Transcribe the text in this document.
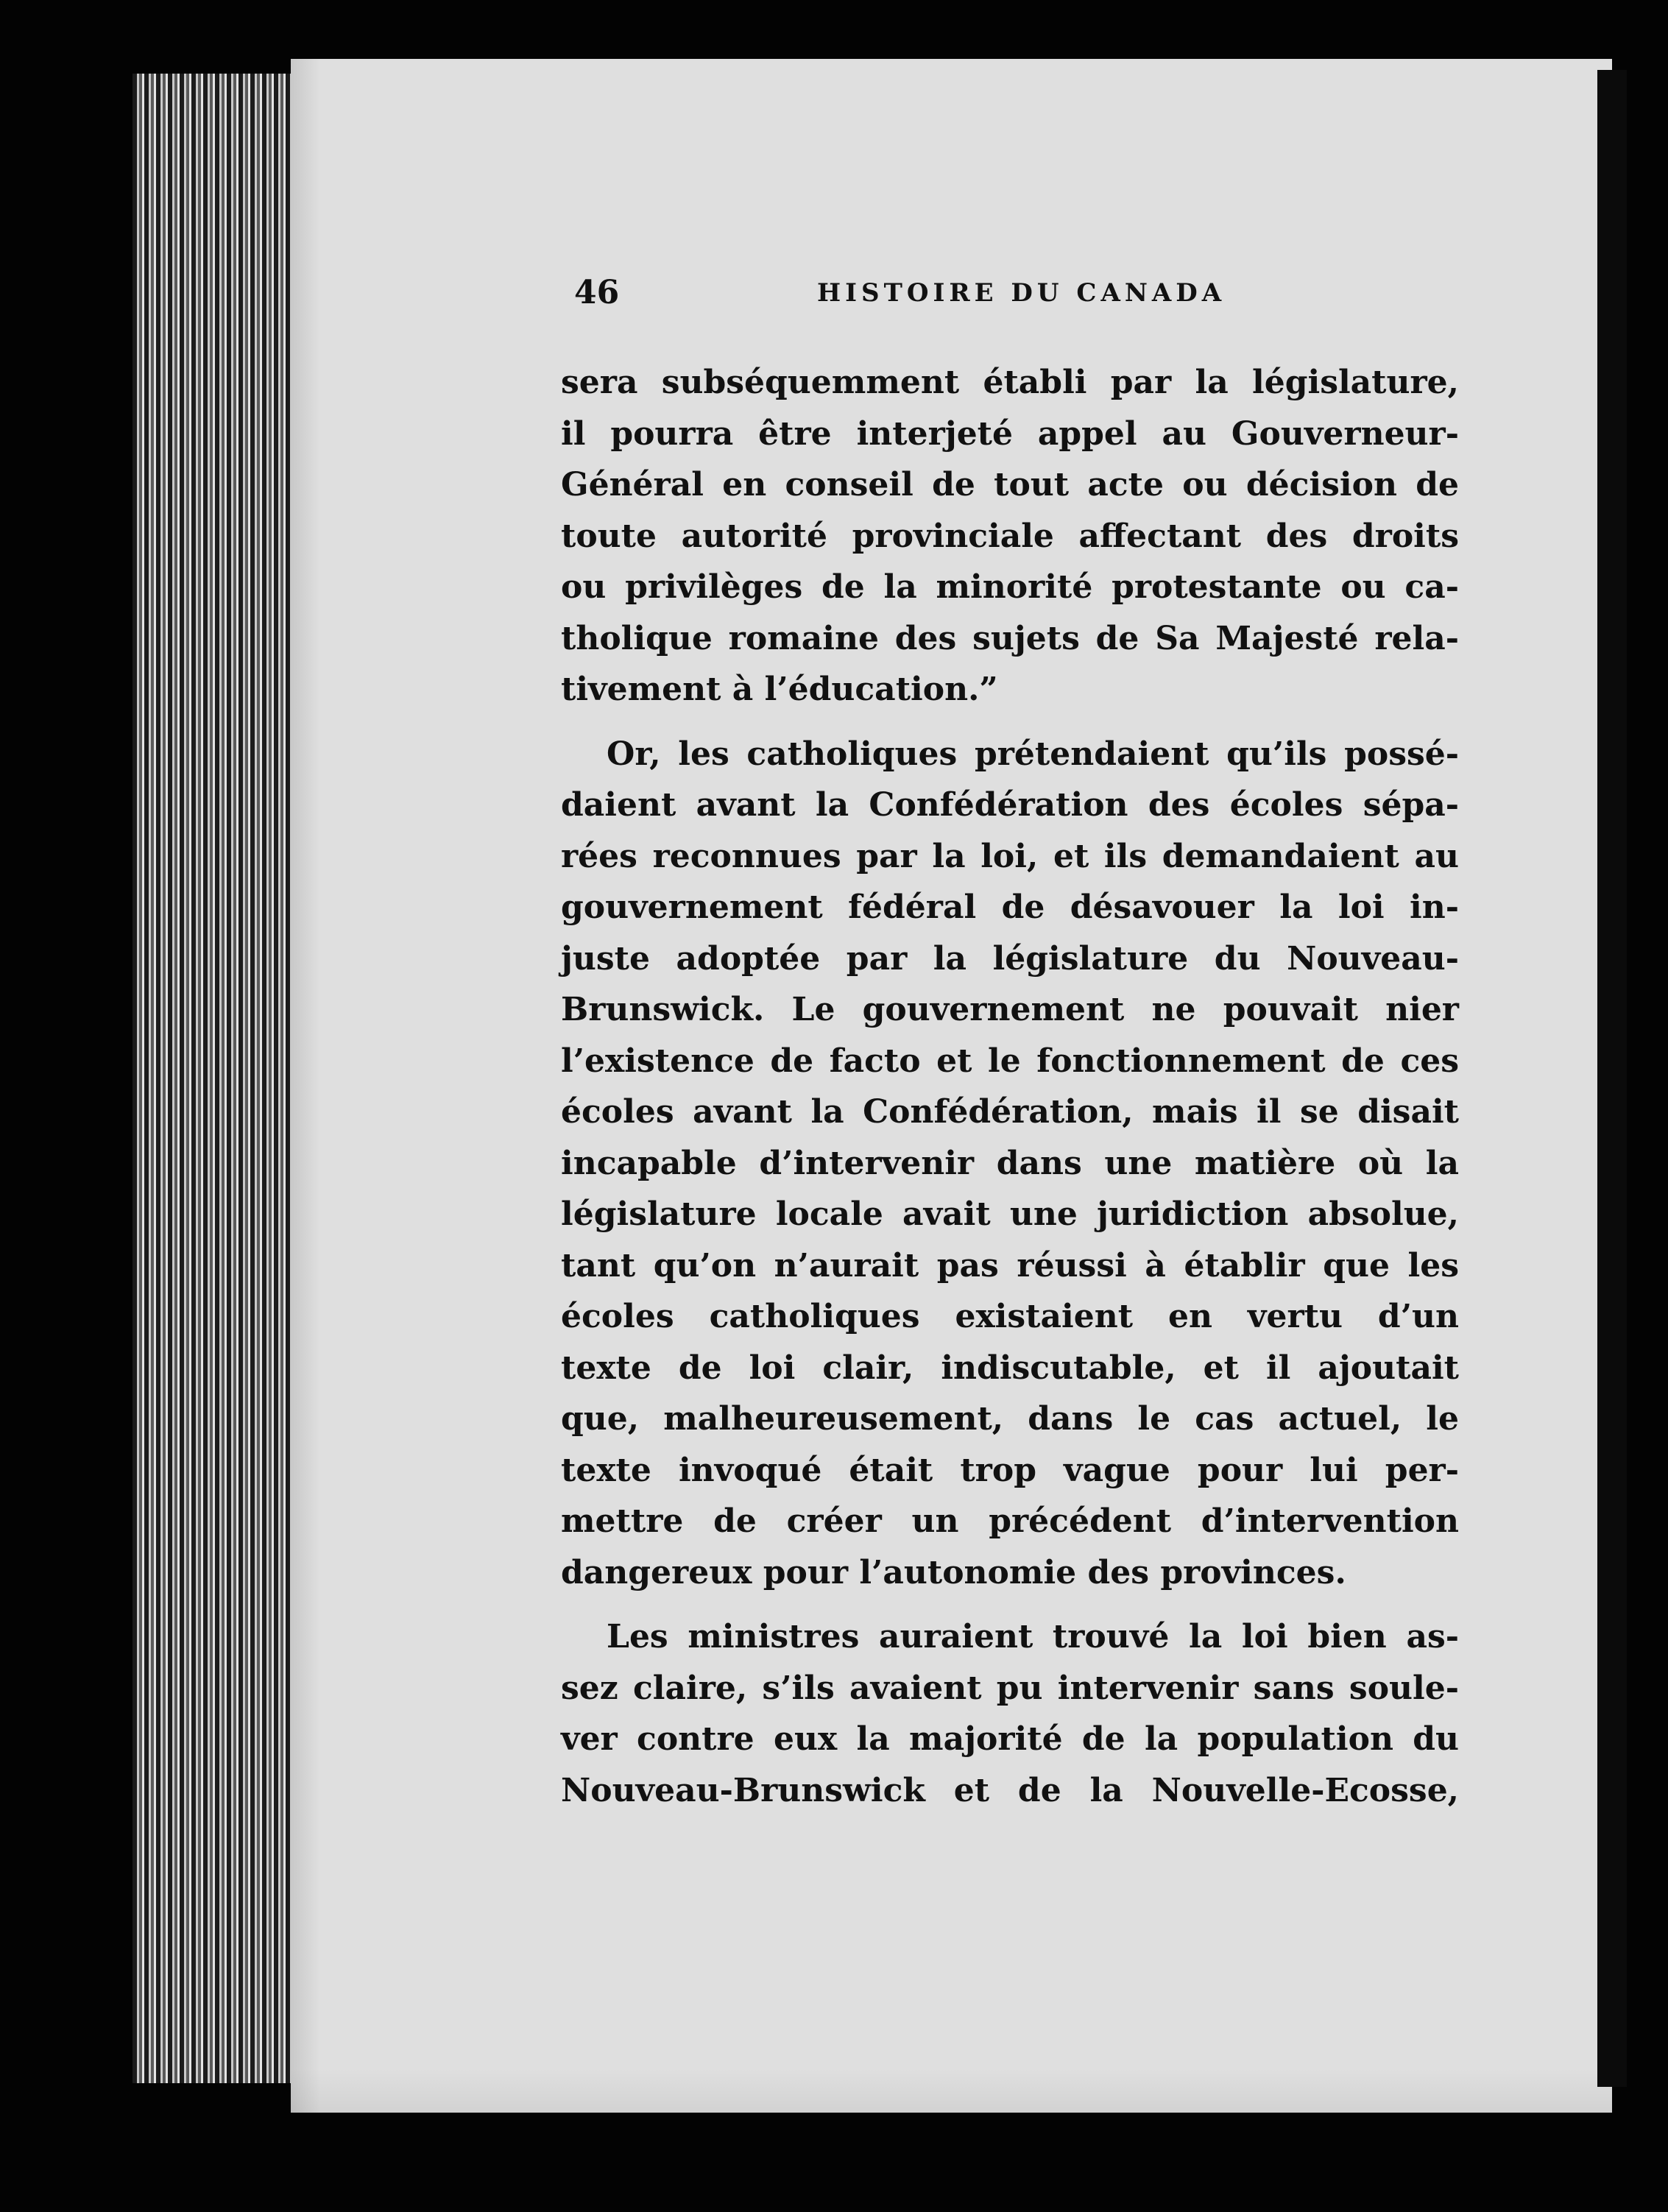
46	HISTOIRE DU CANADA
sera subséquemment établi par la législature,
il pourra être interjeté appel au Gouverneur-
Général en conseil de tout acte ou décision de
toute autorité provinciale affectant des droits
ou privilèges de la minorité protestante ou ca-
tholique romaine des sujets de Sa Majesté rela-
tivement à l’éducation.”
Or, les catholiques prétendaient qu’ils possé-
daient avant la Confédération des écoles sépa-
rées reconnues par la loi, et ils demandaient au
gouvernement fédéral de désavouer la loi in-
juste adoptée par la législature du Nouveau-
Brunswick. Le gouvernement ne pouvait nier
l’existence de facto et le fonctionnement de ces
écoles avant la Confédération, mais il se disait
incapable d’intervenir dans une matière où la
législature locale avait une juridiction absolue,
tant qu’on n’aurait pas réussi à établir que les
écoles catholiques existaient en vertu d’un
texte de loi clair, indiscutable, et il ajoutait
que, malheureusement, dans le cas actuel, le
texte invoqué était trop vague pour lui per-
mettre de créer un précédent d’intervention
dangereux pour l’autonomie des provinces.
Les ministres auraient trouvé la loi bien as-
sez claire, s’ils avaient pu intervenir sans soule-
ver contre eux la majorité de la population du
Nouveau-Brunswick et de la Nouvelle-Ecosse,
